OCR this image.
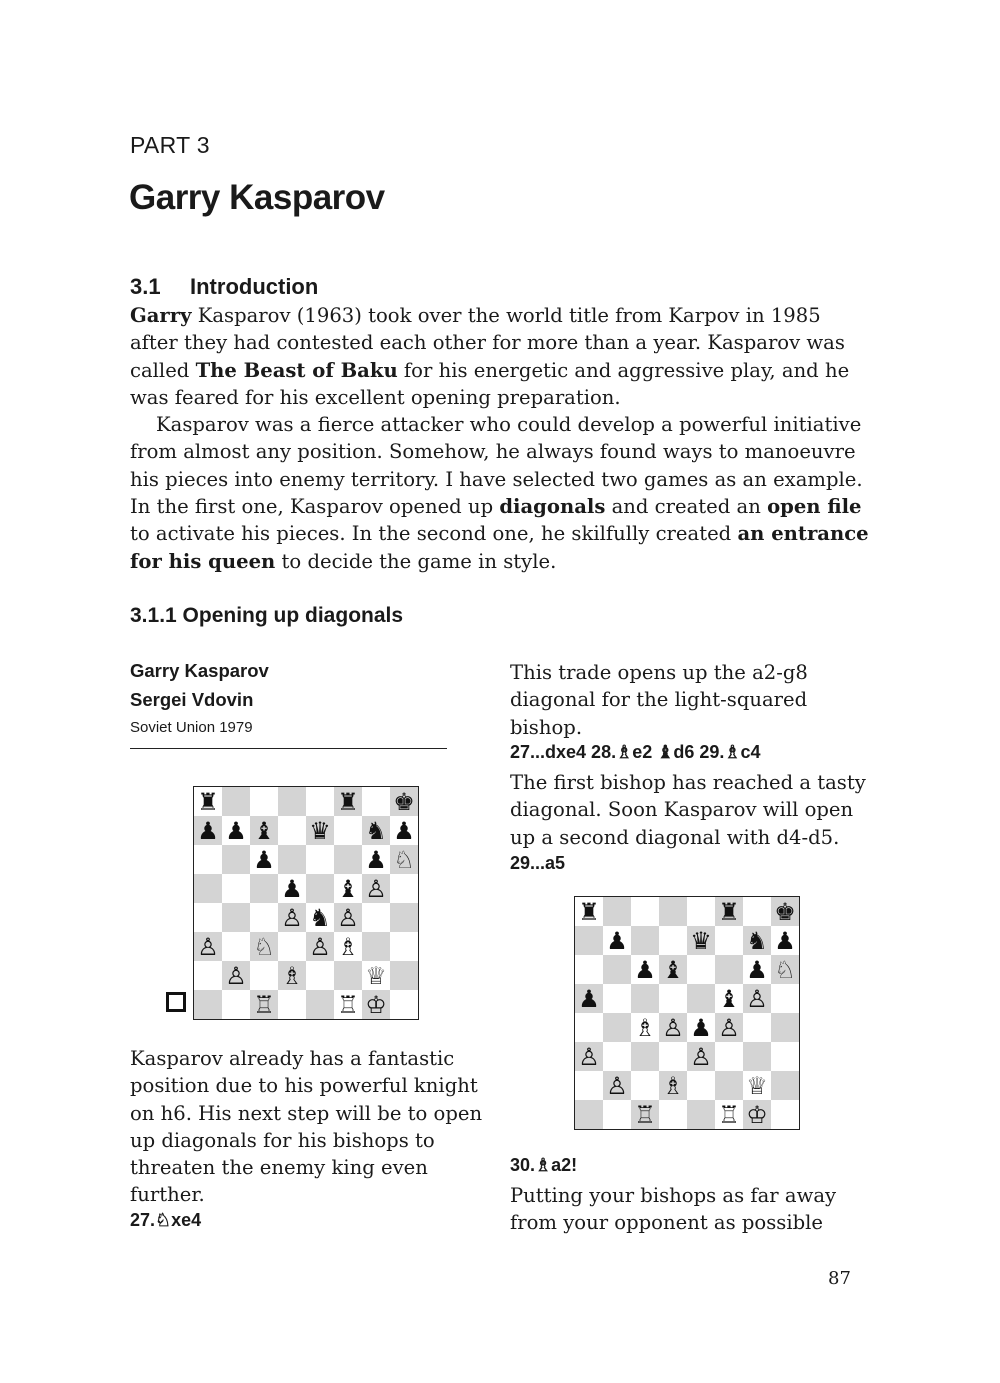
PART 3
Garry Kasparov
3.1 Introduction

Garry Kasparov (1963) took over the world title from Karpov in 1985 after they had contested each other for more than a year. Kasparov was called The Beast of Baku for his energetic and aggressive play, and he was feared for his excellent opening preparation.

Kasparov was a fierce attacker who could develop a powerful initiative from almost any position. Somehow, he always found ways to manoeuvre his pieces into enemy territory. I have selected two games as an example. In the first one, Kasparov opened up diagonals and created an open file to activate his pieces. In the second one, he skilfully created an entrance for his queen to decide the game in style.

3.1.1 Opening up diagonals
Garry Kasparov
Sergei Vdovin
Soviet Union 1979
♜	♜ ♚
♟ ♟ ♝ ♛ ♞ ♟
♟	♟ ♘
♟ ♝ ♙
♙ ♞ ♙
♙ ♘ ♙ ♗
♙ ♗	♕
♖	♖ ♔
Kasparov already has a fantastic position due to his powerful knight on h6. His next step will be to open up diagonals for his bishops to threaten the enemy king even further.
27.♘xe4
This trade opens up the a2-g8 diagonal for the light-squared bishop.
27...dxe4 28.♗e2 ♝d6 29.♗c4
The first bishop has reached a tasty diagonal. Soon Kasparov will open up a second diagonal with d4-d5.
29...a5
♜	♜ ♚
♟	♛ ♞ ♟
♟ ♝	♟ ♘
♟	♝ ♙
♗ ♙ ♟ ♙
♙	♙
♙ ♗	♕
♖	♖ ♔
30.♗a2!
Putting your bishops as far away from your opponent as possible
87
